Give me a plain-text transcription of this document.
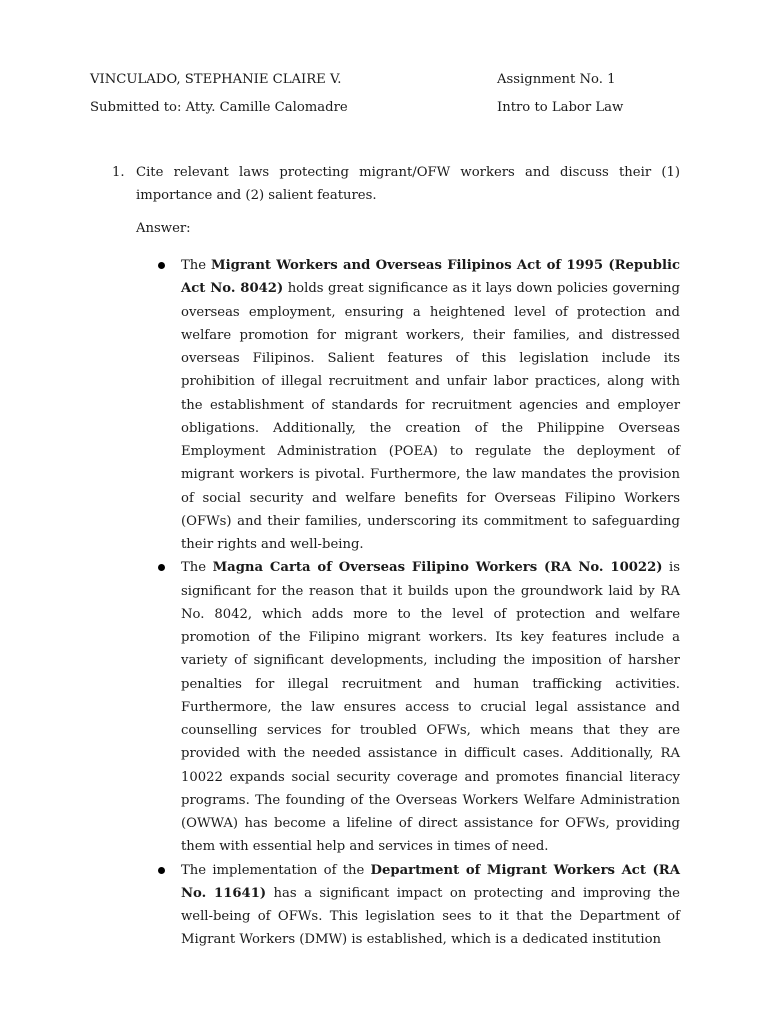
VINCULADO, STEPHANIE CLAIRE V.	Assignment No. 1
Submitted to: Atty. Camille Calomadre	Intro to Labor Law
1. Cite relevant laws protecting migrant/OFW workers and discuss their (1) importance and (2) salient features.
Answer:
The Migrant Workers and Overseas Filipinos Act of 1995 (Republic Act No. 8042) holds great significance as it lays down policies governing overseas employment, ensuring a heightened level of protection and welfare promotion for migrant workers, their families, and distressed overseas Filipinos. Salient features of this legislation include its prohibition of illegal recruitment and unfair labor practices, along with the establishment of standards for recruitment agencies and employer obligations. Additionally, the creation of the Philippine Overseas Employment Administration (POEA) to regulate the deployment of migrant workers is pivotal. Furthermore, the law mandates the provision of social security and welfare benefits for Overseas Filipino Workers (OFWs) and their families, underscoring its commitment to safeguarding their rights and well-being.
The Magna Carta of Overseas Filipino Workers (RA No. 10022) is significant for the reason that it builds upon the groundwork laid by RA No. 8042, which adds more to the level of protection and welfare promotion of the Filipino migrant workers. Its key features include a variety of significant developments, including the imposition of harsher penalties for illegal recruitment and human trafficking activities. Furthermore, the law ensures access to crucial legal assistance and counselling services for troubled OFWs, which means that they are provided with the needed assistance in difficult cases. Additionally, RA 10022 expands social security coverage and promotes financial literacy programs. The founding of the Overseas Workers Welfare Administration (OWWA) has become a lifeline of direct assistance for OFWs, providing them with essential help and services in times of need.
The implementation of the Department of Migrant Workers Act (RA No. 11641) has a significant impact on protecting and improving the well-being of OFWs. This legislation sees to it that the Department of Migrant Workers (DMW) is established, which is a dedicated institution
